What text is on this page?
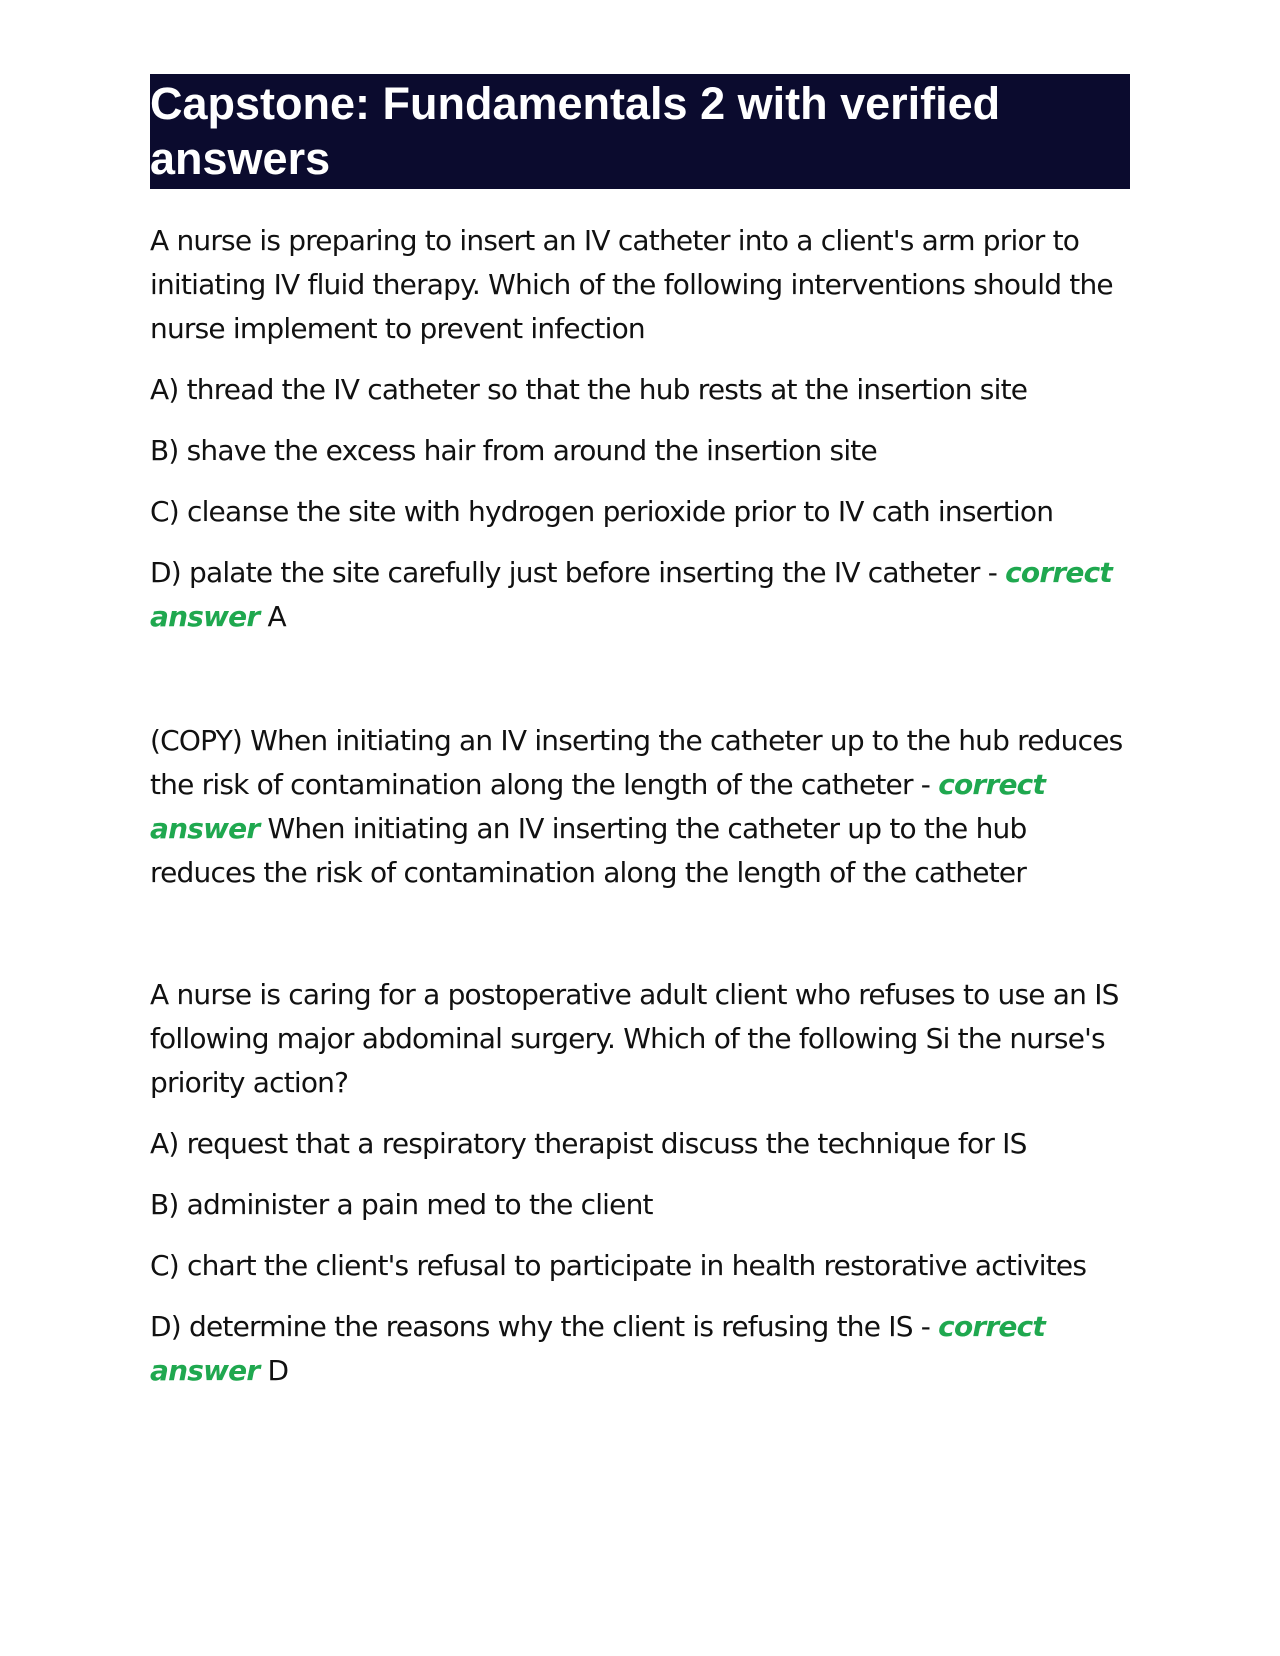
Capstone: Fundamentals 2 with verified answers

A nurse is preparing to insert an IV catheter into a client's arm prior to initiating IV fluid therapy. Which of the following interventions should the nurse implement to prevent infection

A) thread the IV catheter so that the hub rests at the insertion site

B) shave the excess hair from around the insertion site

C) cleanse the site with hydrogen perioxide prior to IV cath insertion

D) palate the site carefully just before inserting the IV catheter - correct answer A

(COPY) When initiating an IV inserting the catheter up to the hub reduces the risk of contamination along the length of the catheter - correct answer When initiating an IV inserting the catheter up to the hub reduces the risk of contamination along the length of the catheter

A nurse is caring for a postoperative adult client who refuses to use an IS following major abdominal surgery. Which of the following Si the nurse's priority action?

A) request that a respiratory therapist discuss the technique for IS

B) administer a pain med to the client

C) chart the client's refusal to participate in health restorative activites

D) determine the reasons why the client is refusing the IS - correct answer D
